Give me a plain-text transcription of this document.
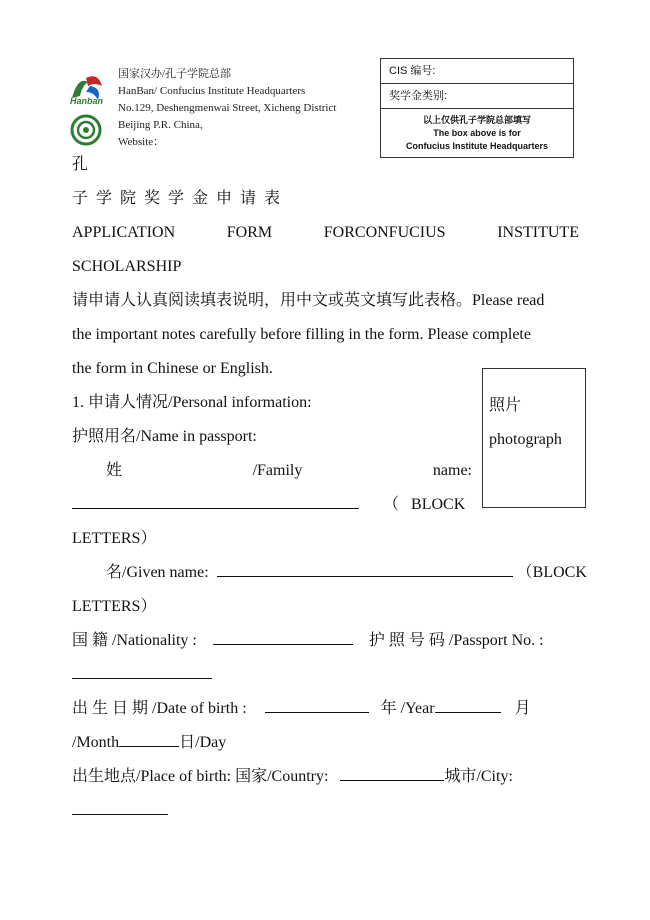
Hanban
国家汉办/孔子学院总部
HanBan/ Confucius Institute Headquarters
No.129, Deshengmenwai Street, Xicheng District
Beijing P.R. China,
Website：
CIS 编号:
奖学金类别:
以上仅供孔子学院总部填写
The box above is for
Confucius Institute Headquarters
孔
子 学 院 奖 学 金 申 请 表
APPLICATION	FORM	FORCONFUCIUS	INSTITUTE
SCHOLARSHIP
请申请人认真阅读填表说明，用中文或英文填写此表格。Please read
the important notes carefully before filling in the form. Please complete
the form in Chinese or English.
照片
photograph
1. 申请人情况/Personal information:
护照用名/Name in passport:
姓	/Family	name:
（ BLOCK
LETTERS）
名/Given name:	（BLOCK
LETTERS）
国 籍 /Nationality :	护 照 号 码 /Passport No. :
出 生 日 期 /Date of birth :	年 /Year	月
/Month	日/Day
出生地点/Place of birth: 国家/Country:	城市/City:
